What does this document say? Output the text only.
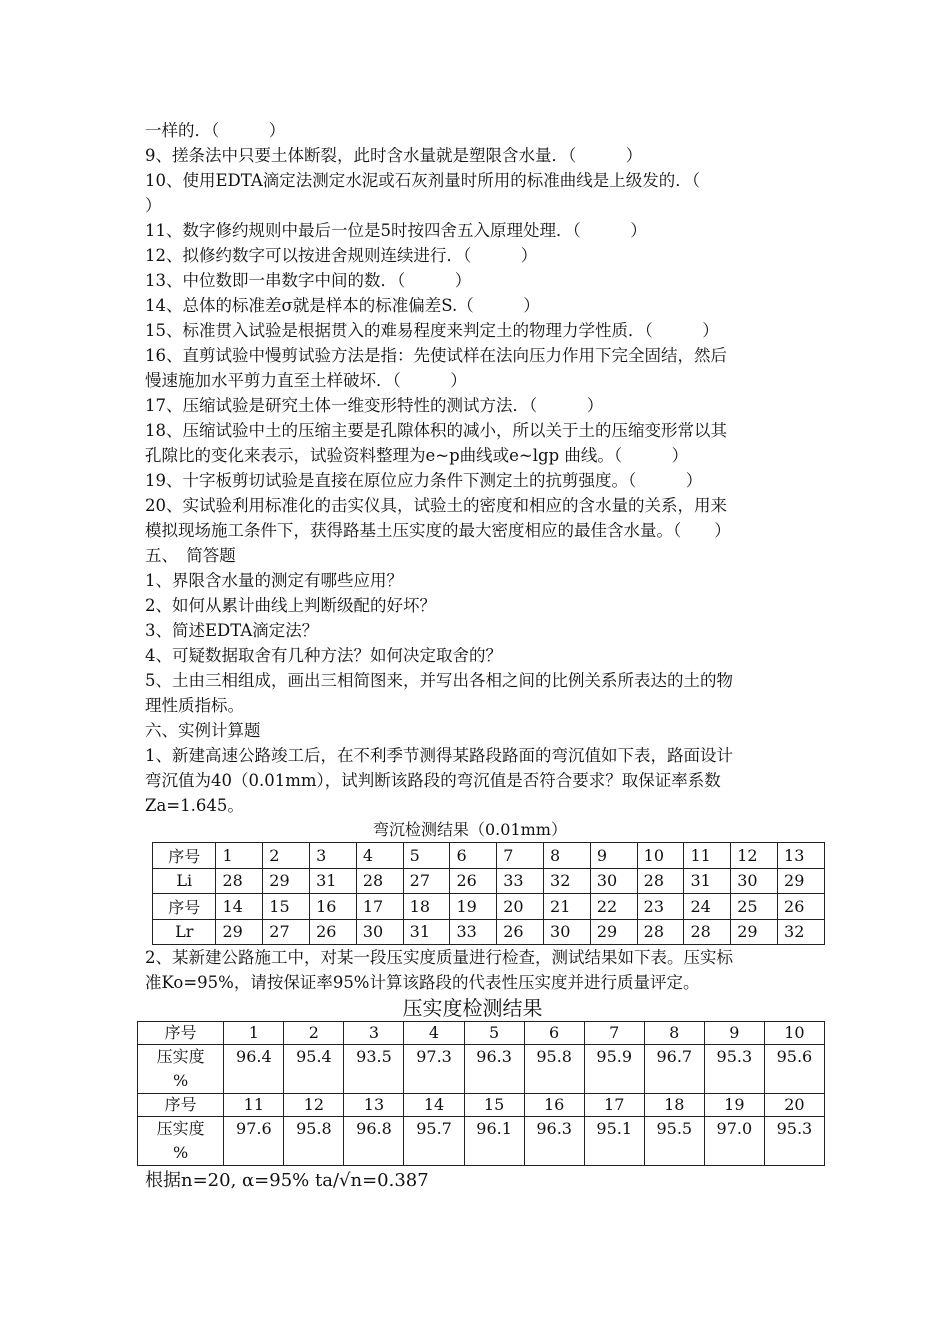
一样的．（　　　）
9、搓条法中只要土体断裂，此时含水量就是塑限含水量．（　　　）
10、使用EDTA滴定法测定水泥或石灰剂量时所用的标准曲线是上级发的．（
）
11、数字修约规则中最后一位是5时按四舍五入原理处理．（　　　）
12、拟修约数字可以按进舍规则连续进行．（　　　）
13、中位数即一串数字中间的数．（　　　）
14、总体的标准差σ就是样本的标准偏差S.（　　　）
15、标准贯入试验是根据贯入的难易程度来判定土的物理力学性质．（　　　）
16、直剪试验中慢剪试验方法是指：先使试样在法向压力作用下完全固结，然后
慢速施加水平剪力直至土样破坏．（　　　）
17、压缩试验是研究土体一维变形特性的测试方法．（　　　）
18、压缩试验中土的压缩主要是孔隙体积的减小，所以关于土的压缩变形常以其
孔隙比的变化来表示，试验资料整理为e~p曲线或e~lgp 曲线。（　　　）
19、十字板剪切试验是直接在原位应力条件下测定土的抗剪强度。（　　　）
20、实试验利用标准化的击实仪具，试验土的密度和相应的含水量的关系，用来
模拟现场施工条件下，获得路基土压实度的最大密度相应的最佳含水量。（　　）
五、　简答题
1、界限含水量的测定有哪些应用？
2、如何从累计曲线上判断级配的好坏？
3、简述EDTA滴定法？
4、可疑数据取舍有几种方法？如何决定取舍的？
5、土由三相组成，画出三相简图来，并写出各相之间的比例关系所表达的土的物
理性质指标。
六、实例计算题
1、新建高速公路竣工后，在不利季节测得某路段路面的弯沉值如下表，路面设计
弯沉值为40（0.01mm），试判断该路段的弯沉值是否符合要求？取保证率系数
Za=1.645。
弯沉检测结果（0.01mm）
序号	1	2	3	4	5	6	7	8	9	10	11	12	13
Li	28	29	31	28	27	26	33	32	30	28	31	30	29
序号	14	15	16	17	18	19	20	21	22	23	24	25	26
Lr	29	27	26	30	31	33	26	30	29	28	28	29	32
2、某新建公路施工中，对某一段压实度质量进行检查，测试结果如下表。压实标
准Ko=95%，请按保证率95%计算该路段的代表性压实度并进行质量评定。
压实度检测结果
序号	1	2	3	4	5	6	7	8	9	10
压实度
%	96.4	95.4	93.5	97.3	96.3	95.8	95.9	96.7	95.3	95.6
序号	11	12	13	14	15	16	17	18	19	20
压实度
%	97.6	95.8	96.8	95.7	96.1	96.3	95.1	95.5	97.0	95.3
根据n=20, α=95% ta/√n=0.387
